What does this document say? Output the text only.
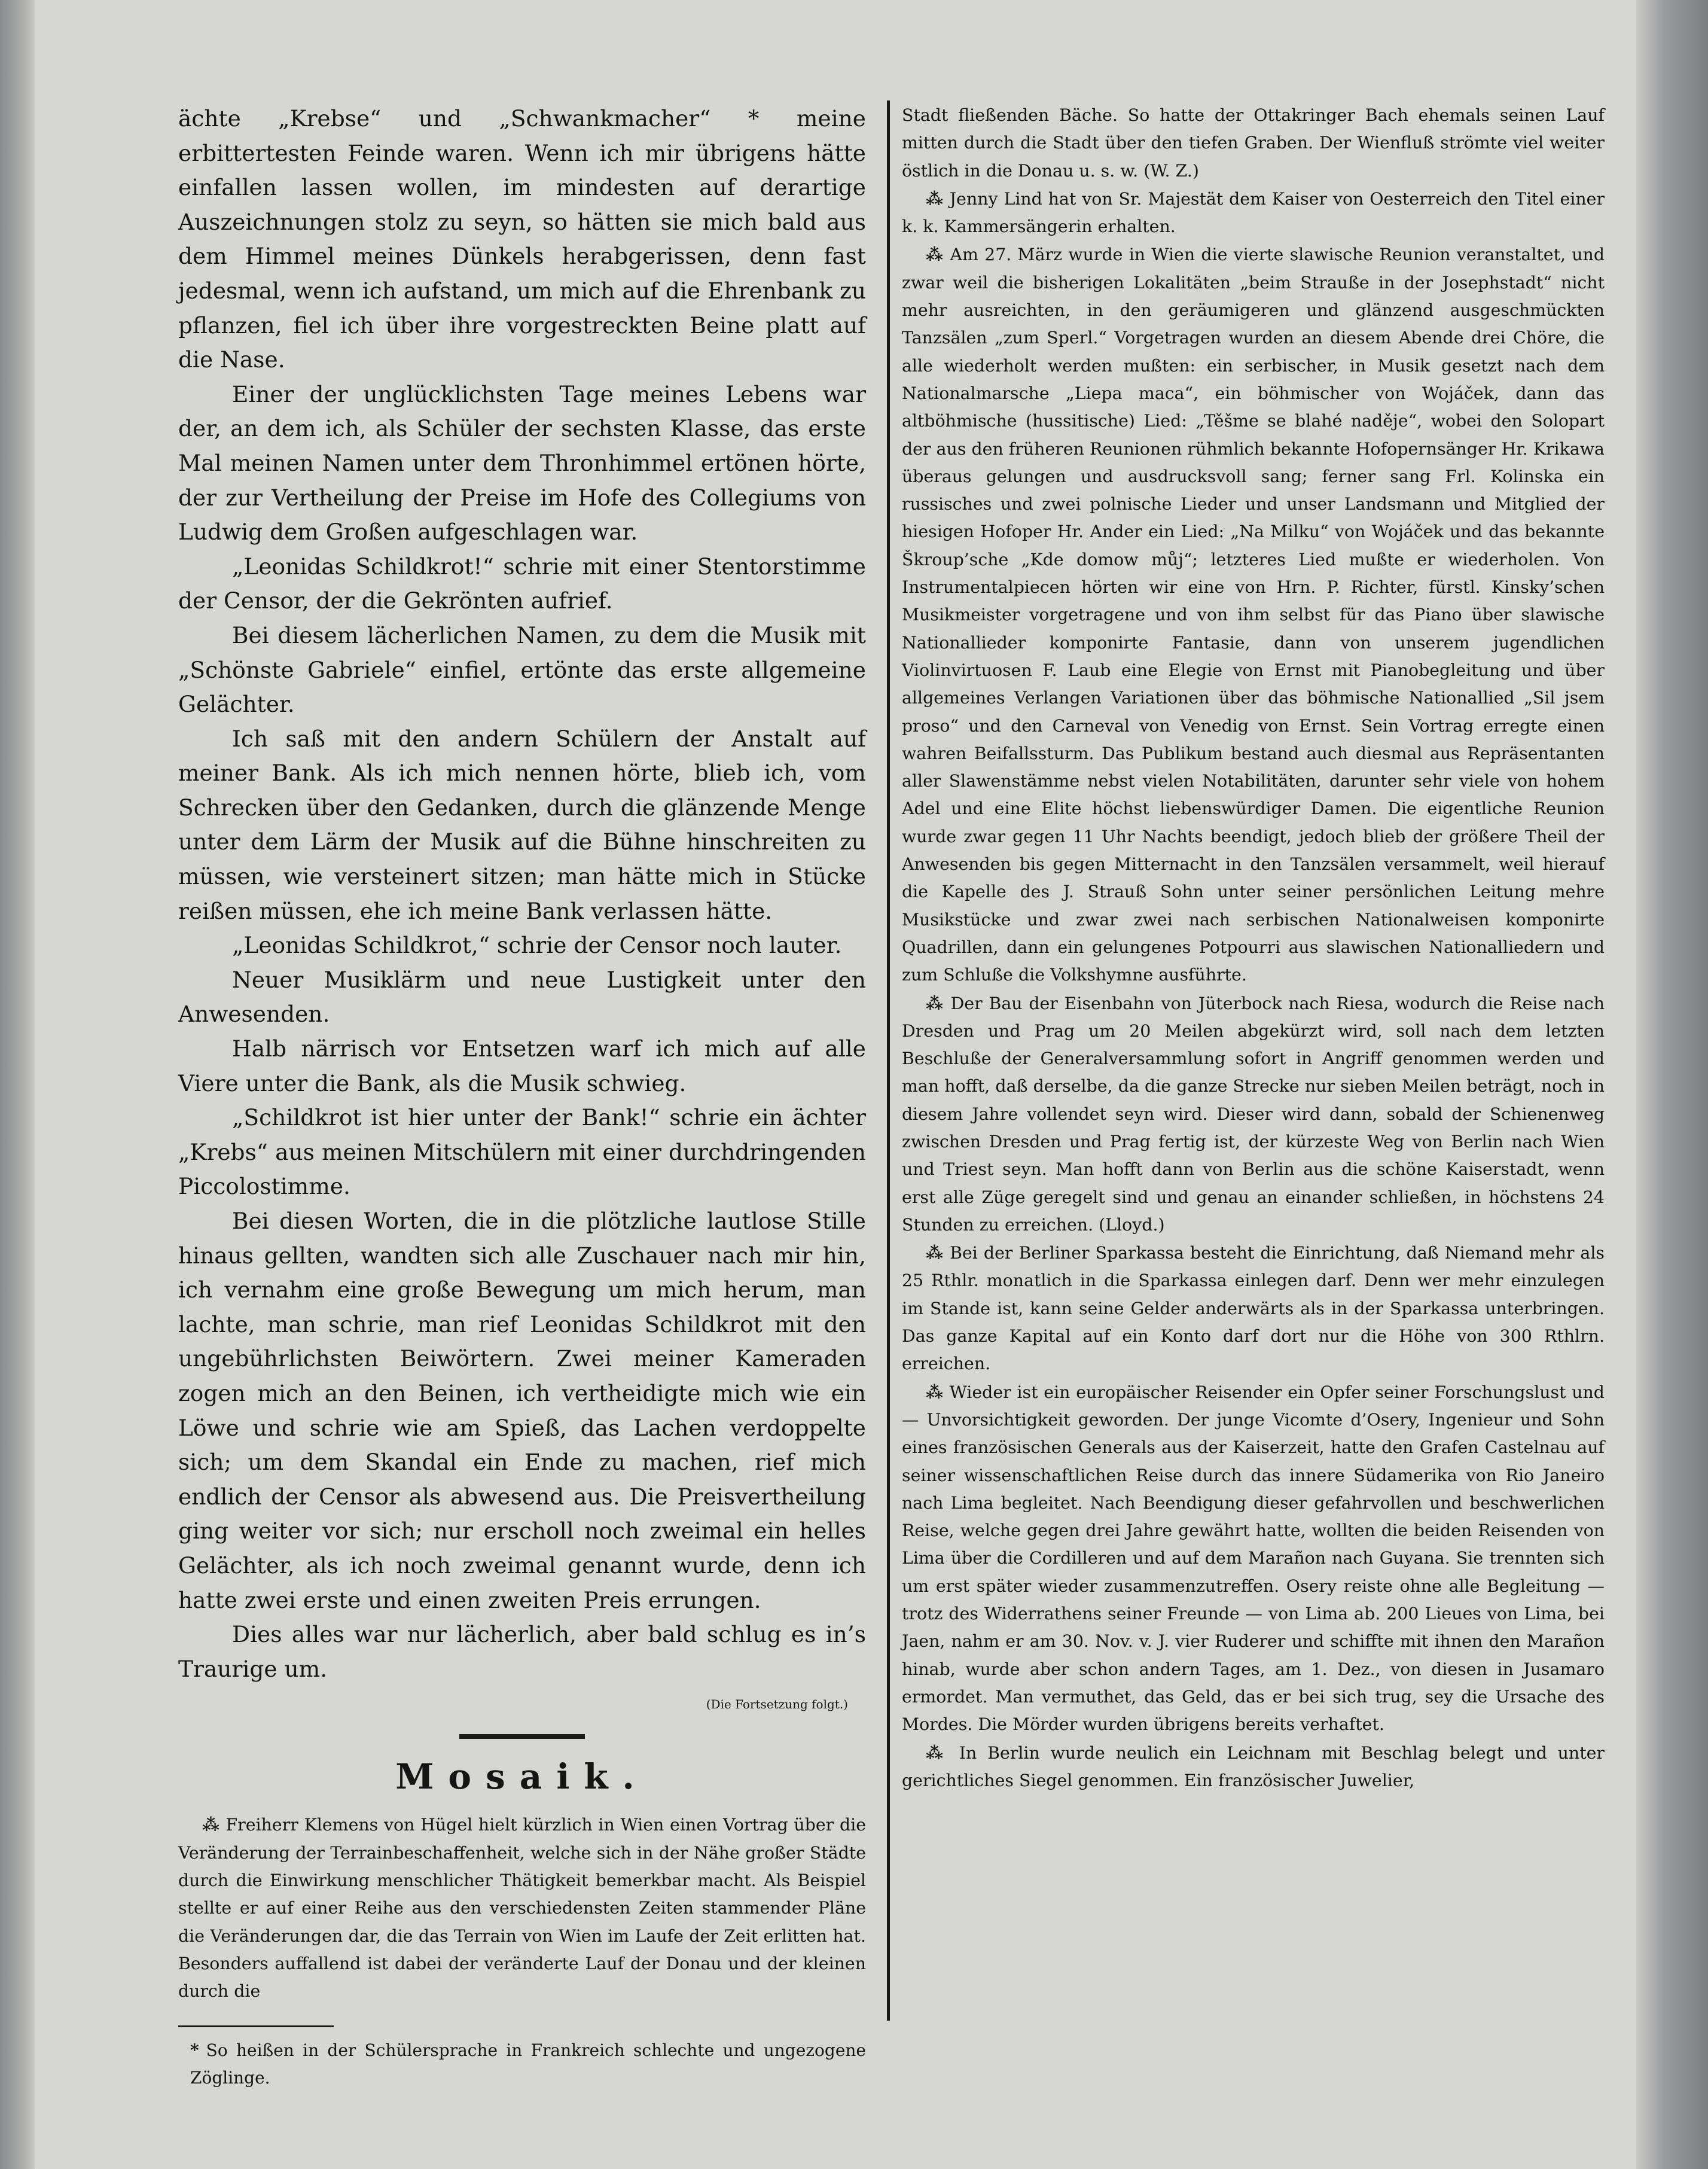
ächte „Krebse“ und „Schwankmacher“ * meine erbittertesten Feinde waren. Wenn ich mir übrigens hätte einfallen lassen wollen, im mindesten auf derartige Auszeichnungen stolz zu seyn, so hätten sie mich bald aus dem Himmel meines Dünkels herabgerissen, denn fast jedesmal, wenn ich aufstand, um mich auf die Ehrenbank zu pflanzen, fiel ich über ihre vorgestreckten Beine platt auf die Nase.

Einer der unglücklichsten Tage meines Lebens war der, an dem ich, als Schüler der sechsten Klasse, das erste Mal meinen Namen unter dem Thronhimmel ertönen hörte, der zur Vertheilung der Preise im Hofe des Collegiums von Ludwig dem Großen aufgeschlagen war.

„Leonidas Schildkrot!“ schrie mit einer Stentorstimme der Censor, der die Gekrönten aufrief.

Bei diesem lächerlichen Namen, zu dem die Musik mit „Schönste Gabriele“ einfiel, ertönte das erste allgemeine Gelächter.

Ich saß mit den andern Schülern der Anstalt auf meiner Bank. Als ich mich nennen hörte, blieb ich, vom Schrecken über den Gedanken, durch die glänzende Menge unter dem Lärm der Musik auf die Bühne hinschreiten zu müssen, wie versteinert sitzen; man hätte mich in Stücke reißen müssen, ehe ich meine Bank verlassen hätte.

„Leonidas Schildkrot,“ schrie der Censor noch lauter.

Neuer Musiklärm und neue Lustigkeit unter den Anwesenden.

Halb närrisch vor Entsetzen warf ich mich auf alle Viere unter die Bank, als die Musik schwieg.

„Schildkrot ist hier unter der Bank!“ schrie ein ächter „Krebs“ aus meinen Mitschülern mit einer durchdringenden Piccolostimme.

Bei diesen Worten, die in die plötzliche lautlose Stille hinaus gellten, wandten sich alle Zuschauer nach mir hin, ich vernahm eine große Bewegung um mich herum, man lachte, man schrie, man rief Leonidas Schildkrot mit den ungebührlichsten Beiwörtern. Zwei meiner Kameraden zogen mich an den Beinen, ich vertheidigte mich wie ein Löwe und schrie wie am Spieß, das Lachen verdoppelte sich; um dem Skandal ein Ende zu machen, rief mich endlich der Censor als abwesend aus. Die Preisvertheilung ging weiter vor sich; nur erscholl noch zweimal ein helles Gelächter, als ich noch zweimal genannt wurde, denn ich hatte zwei erste und einen zweiten Preis errungen.

Dies alles war nur lächerlich, aber bald schlug es in’s Traurige um.

(Die Fortsetzung folgt.)
Mosaik.

⁂ Freiherr Klemens von Hügel hielt kürzlich in Wien einen Vortrag über die Veränderung der Terrainbeschaffenheit, welche sich in der Nähe großer Städte durch die Einwirkung menschlicher Thätigkeit bemerkbar macht. Als Beispiel stellte er auf einer Reihe aus den verschiedensten Zeiten stammender Pläne die Veränderungen dar, die das Terrain von Wien im Laufe der Zeit erlitten hat. Besonders auffallend ist dabei der veränderte Lauf der Donau und der kleinen durch die

* So heißen in der Schülersprache in Frankreich schlechte und ungezogene Zöglinge.

Stadt fließenden Bäche. So hatte der Ottakringer Bach ehemals seinen Lauf mitten durch die Stadt über den tiefen Graben. Der Wienfluß strömte viel weiter östlich in die Donau u. s. w. (W. Z.)

⁂ Jenny Lind hat von Sr. Majestät dem Kaiser von Oesterreich den Titel einer k. k. Kammersängerin erhalten.

⁂ Am 27. März wurde in Wien die vierte slawische Reunion veranstaltet, und zwar weil die bisherigen Lokalitäten „beim Strauße in der Josephstadt“ nicht mehr ausreichten, in den geräumigeren und glänzend ausgeschmückten Tanzsälen „zum Sperl.“ Vorgetragen wurden an diesem Abende drei Chöre, die alle wiederholt werden mußten: ein serbischer, in Musik gesetzt nach dem Nationalmarsche „Liepa maca“, ein böhmischer von Wojáček, dann das altböhmische (hussitische) Lied: „Těšme se blahé naděje“, wobei den Solopart der aus den früheren Reunionen rühmlich bekannte Hofopernsänger Hr. Krikawa überaus gelungen und ausdrucksvoll sang; ferner sang Frl. Kolinska ein russisches und zwei polnische Lieder und unser Landsmann und Mitglied der hiesigen Hofoper Hr. Ander ein Lied: „Na Milku“ von Wojáček und das bekannte Škroup’sche „Kde domow můj“; letzteres Lied mußte er wiederholen. Von Instrumentalpiecen hörten wir eine von Hrn. P. Richter, fürstl. Kinsky’schen Musikmeister vorgetragene und von ihm selbst für das Piano über slawische Nationallieder komponirte Fantasie, dann von unserem jugendlichen Violinvirtuosen F. Laub eine Elegie von Ernst mit Pianobegleitung und über allgemeines Verlangen Variationen über das böhmische Nationallied „Sil jsem proso“ und den Carneval von Venedig von Ernst. Sein Vortrag erregte einen wahren Beifallssturm. Das Publikum bestand auch diesmal aus Repräsentanten aller Slawenstämme nebst vielen Notabilitäten, darunter sehr viele von hohem Adel und eine Elite höchst liebenswürdiger Damen. Die eigentliche Reunion wurde zwar gegen 11 Uhr Nachts beendigt, jedoch blieb der größere Theil der Anwesenden bis gegen Mitternacht in den Tanzsälen versammelt, weil hierauf die Kapelle des J. Strauß Sohn unter seiner persönlichen Leitung mehre Musikstücke und zwar zwei nach serbischen Nationalweisen komponirte Quadrillen, dann ein gelungenes Potpourri aus slawischen Nationalliedern und zum Schluße die Volkshymne ausführte.

⁂ Der Bau der Eisenbahn von Jüterbock nach Riesa, wodurch die Reise nach Dresden und Prag um 20 Meilen abgekürzt wird, soll nach dem letzten Beschluße der Generalversammlung sofort in Angriff genommen werden und man hofft, daß derselbe, da die ganze Strecke nur sieben Meilen beträgt, noch in diesem Jahre vollendet seyn wird. Dieser wird dann, sobald der Schienenweg zwischen Dresden und Prag fertig ist, der kürzeste Weg von Berlin nach Wien und Triest seyn. Man hofft dann von Berlin aus die schöne Kaiserstadt, wenn erst alle Züge geregelt sind und genau an einander schließen, in höchstens 24 Stunden zu erreichen. (Lloyd.)

⁂ Bei der Berliner Sparkassa besteht die Einrichtung, daß Niemand mehr als 25 Rthlr. monatlich in die Sparkassa einlegen darf. Denn wer mehr einzulegen im Stande ist, kann seine Gelder anderwärts als in der Sparkassa unterbringen. Das ganze Kapital auf ein Konto darf dort nur die Höhe von 300 Rthlrn. erreichen.

⁂ Wieder ist ein europäischer Reisender ein Opfer seiner Forschungslust und — Unvorsichtigkeit geworden. Der junge Vicomte d’Osery, Ingenieur und Sohn eines französischen Generals aus der Kaiserzeit, hatte den Grafen Castelnau auf seiner wissenschaftlichen Reise durch das innere Südamerika von Rio Janeiro nach Lima begleitet. Nach Beendigung dieser gefahrvollen und beschwerlichen Reise, welche gegen drei Jahre gewährt hatte, wollten die beiden Reisenden von Lima über die Cordilleren und auf dem Marañon nach Guyana. Sie trennten sich um erst später wieder zusammenzutreffen. Osery reiste ohne alle Begleitung — trotz des Widerrathens seiner Freunde — von Lima ab. 200 Lieues von Lima, bei Jaen, nahm er am 30. Nov. v. J. vier Ruderer und schiffte mit ihnen den Marañon hinab, wurde aber schon andern Tages, am 1. Dez., von diesen in Jusamaro ermordet. Man vermuthet, das Geld, das er bei sich trug, sey die Ursache des Mordes. Die Mörder wurden übrigens bereits verhaftet.

⁂ In Berlin wurde neulich ein Leichnam mit Beschlag belegt und unter gerichtliches Siegel genommen. Ein französischer Juwelier,
